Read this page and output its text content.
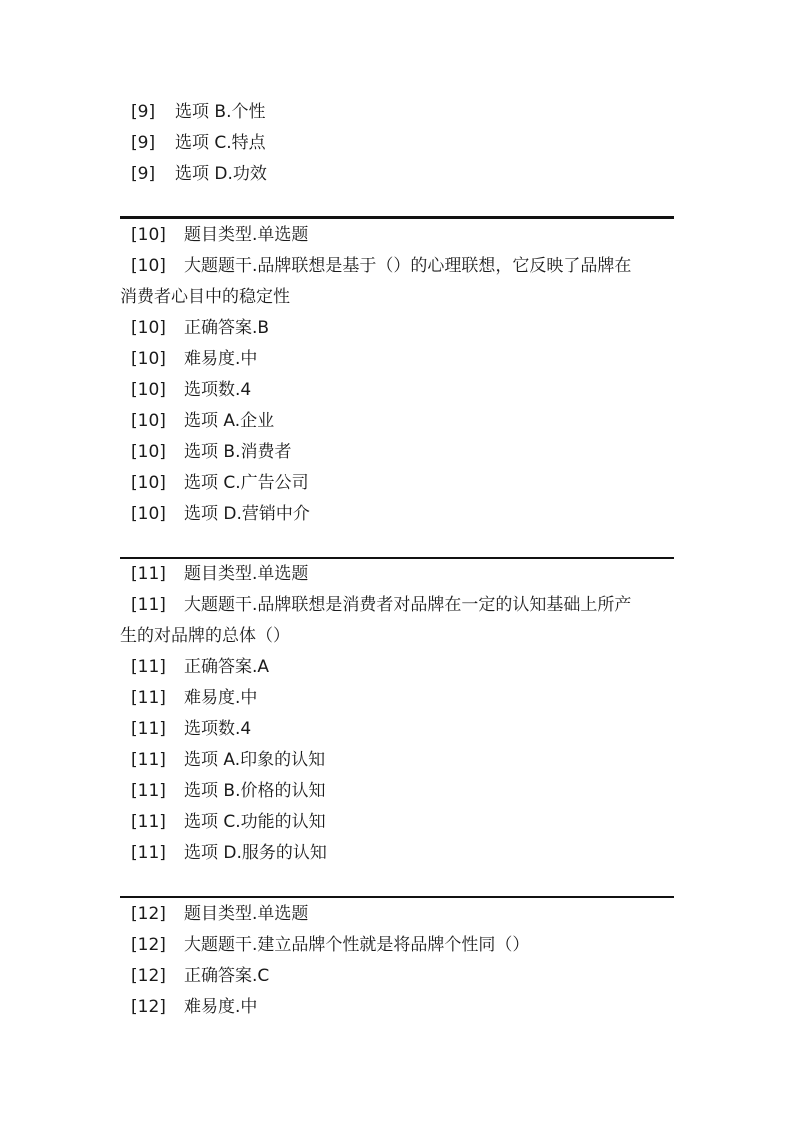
[9] 选项 B.个性
[9] 选项 C.特点
[9] 选项 D.功效
[10] 题目类型.单选题
[10] 大题题干.品牌联想是基于（）的心理联想，它反映了品牌在
消费者心目中的稳定性
[10] 正确答案.B
[10] 难易度.中
[10] 选项数.4
[10] 选项 A.企业
[10] 选项 B.消费者
[10] 选项 C.广告公司
[10] 选项 D.营销中介
[11] 题目类型.单选题
[11] 大题题干.品牌联想是消费者对品牌在一定的认知基础上所产
生的对品牌的总体（）
[11] 正确答案.A
[11] 难易度.中
[11] 选项数.4
[11] 选项 A.印象的认知
[11] 选项 B.价格的认知
[11] 选项 C.功能的认知
[11] 选项 D.服务的认知
[12] 题目类型.单选题
[12] 大题题干.建立品牌个性就是将品牌个性同（）
[12] 正确答案.C
[12] 难易度.中
